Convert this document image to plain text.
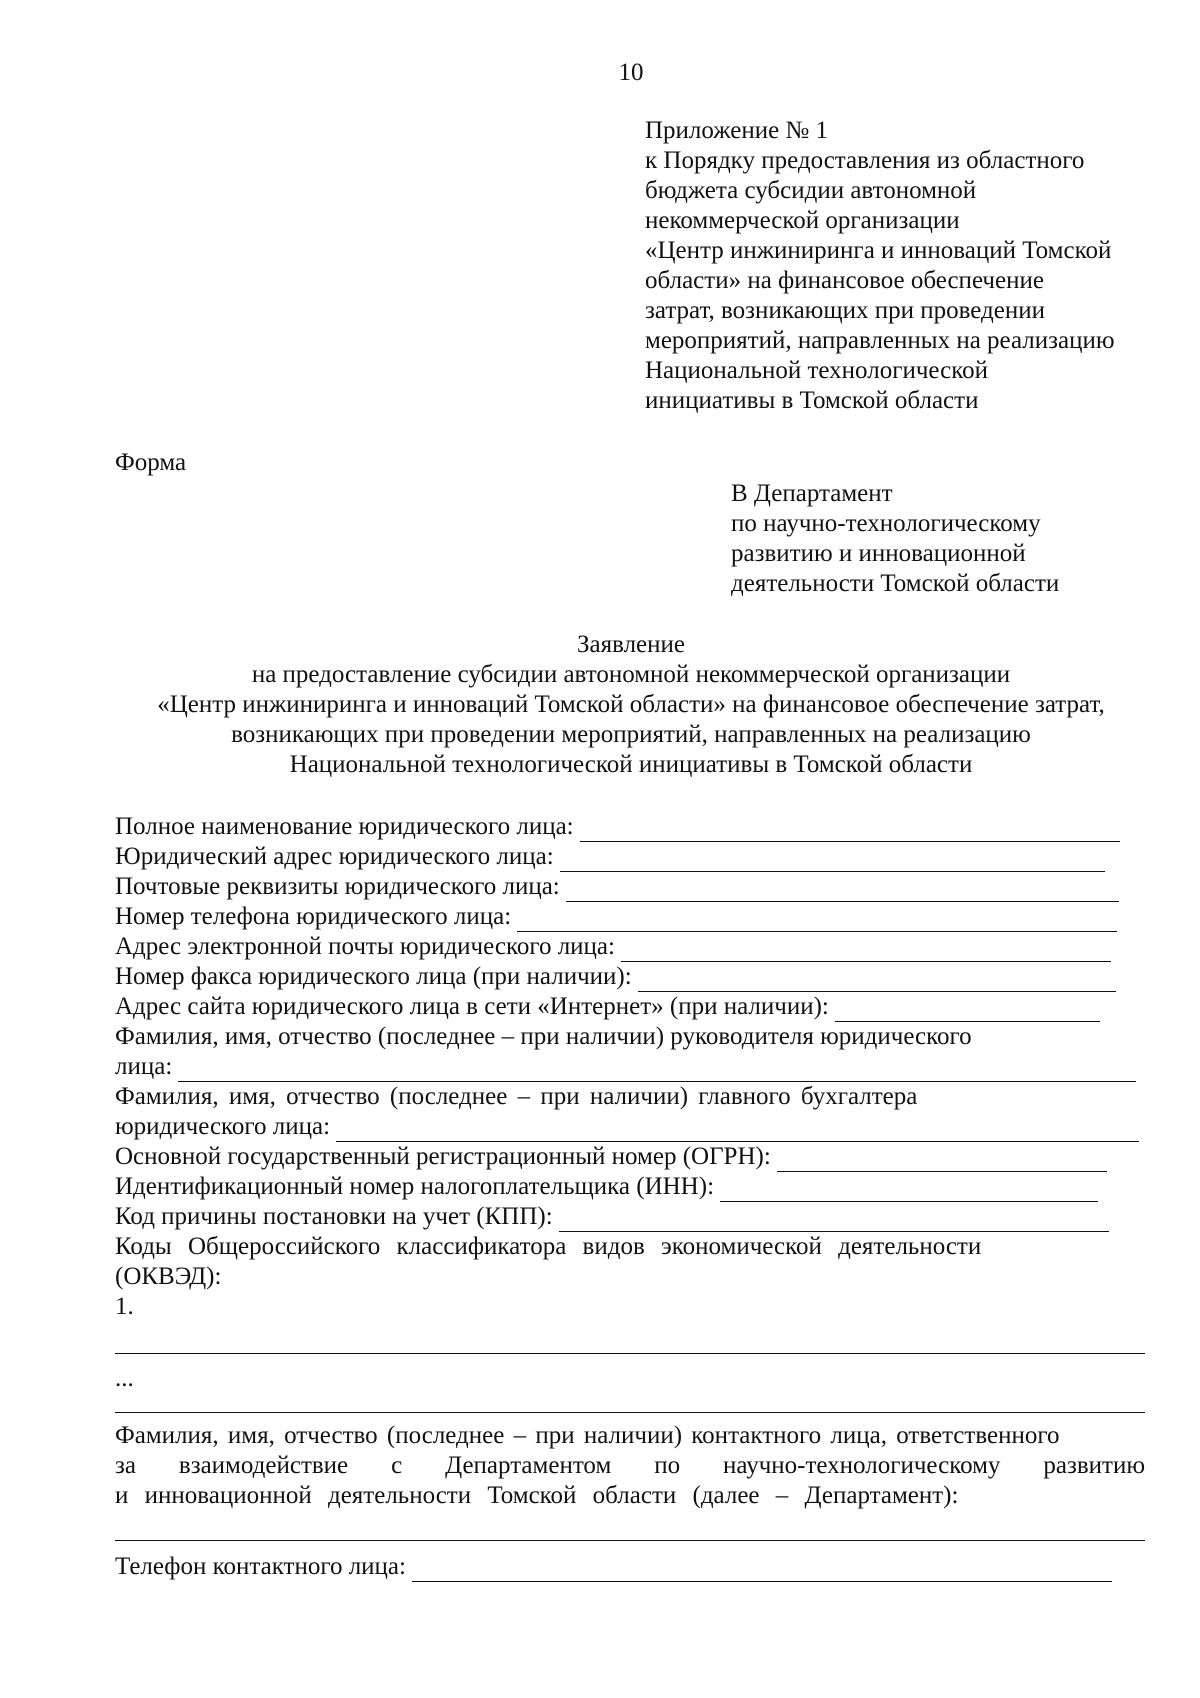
10
Приложение № 1
к Порядку предоставления из областного
бюджета субсидии автономной
некоммерческой организации
«Центр инжиниринга и инноваций Томской
области» на финансовое обеспечение
затрат, возникающих при проведении
мероприятий, направленных на реализацию
Национальной технологической
инициативы в Томской области
Форма
В Департамент
по научно-технологическому
развитию и инновационной
деятельности Томской области
Заявление
на предоставление субсидии автономной некоммерческой организации
«Центр инжиниринга и инноваций Томской области» на финансовое обеспечение затрат,
возникающих при проведении мероприятий, направленных на реализацию
Национальной технологической инициативы в Томской области
Полное наименование юридического лица:
Юридический адрес юридического лица:
Почтовые реквизиты юридического лица:
Номер телефона юридического лица:
Адрес электронной почты юридического лица:
Номер факса юридического лица (при наличии):
Адрес сайта юридического лица в сети «Интернет» (при наличии):
Фамилия, имя, отчество (последнее – при наличии) руководителя юридического
лица:
Фамилия, имя, отчество (последнее – при наличии) главного бухгалтера
юридического лица:
Основной государственный регистрационный номер (ОГРН):
Идентификационный номер налогоплательщика (ИНН):
Код причины постановки на учет (КПП):
Коды Общероссийского классификатора видов экономической деятельности
(ОКВЭД):
1.
...
Фамилия, имя, отчество (последнее – при наличии) контактного лица, ответственного
за взаимодействие с Департаментом по научно-технологическому развитию
и инновационной деятельности Томской области (далее – Департамент):
Телефон контактного лица:
